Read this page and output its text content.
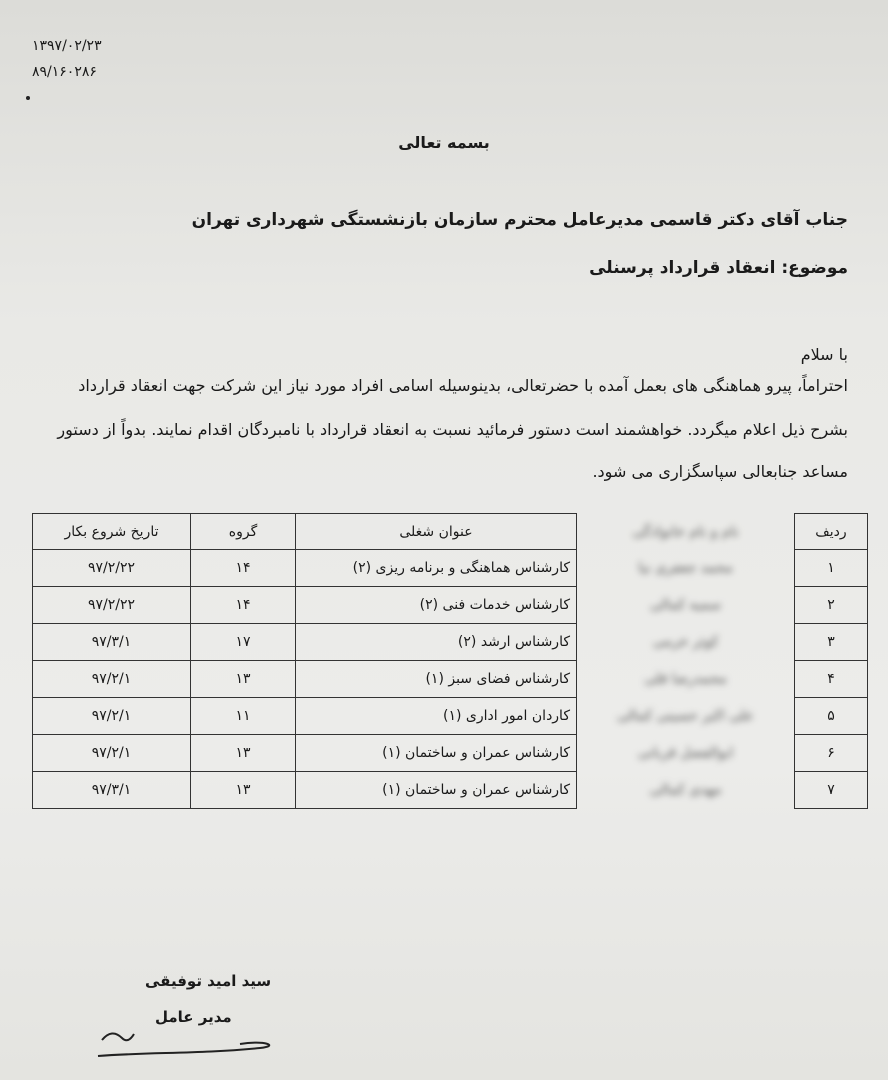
۱۳۹۷/۰۲/۲۳
۸۹/۱۶۰۲۸۶
بسمه تعالی
جناب آقای دکتر قاسمی مدیرعامل محترم سازمان بازنشستگی شهرداری تهران
موضوع: انعقاد قرارداد پرسنلی
با سلام
احتراماً، پیرو هماهنگی های بعمل آمده با حضرتعالی، بدینوسیله اسامی افراد مورد نیاز این شرکت جهت انعقاد قرارداد
بشرح ذیل اعلام میگردد. خواهشمند است دستور فرمائید نسبت به انعقاد قرارداد با نامبردگان اقدام نمایند. بدواً از دستور
مساعد جنابعالی سپاسگزاری می شود.
ردیف	نام و نام خانوادگی	عنوان شغلی	گروه	تاریخ شروع بکار
۱	محمد جعفری نیا	کارشناس هماهنگی و برنامه ریزی (۲)	۱۴	۹۷/۲/۲۲
۲	سمیه کمالی	کارشناس خدمات فنی (۲)	۱۴	۹۷/۲/۲۲
۳	کوثر خرمی	کارشناس ارشد (۲)	۱۷	۹۷/۳/۱
۴	محمدرضا قلی	کارشناس فضای سبز (۱)	۱۳	۹۷/۲/۱
۵	علی اکبر حسینی کمالی	کاردان امور اداری (۱)	۱۱	۹۷/۲/۱
۶	ابوالفضل قربانی	کارشناس عمران و ساختمان (۱)	۱۳	۹۷/۲/۱
۷	مهدی کمالی	کارشناس عمران و ساختمان (۱)	۱۳	۹۷/۳/۱
سید امید توفیقی
مدیر عامل
